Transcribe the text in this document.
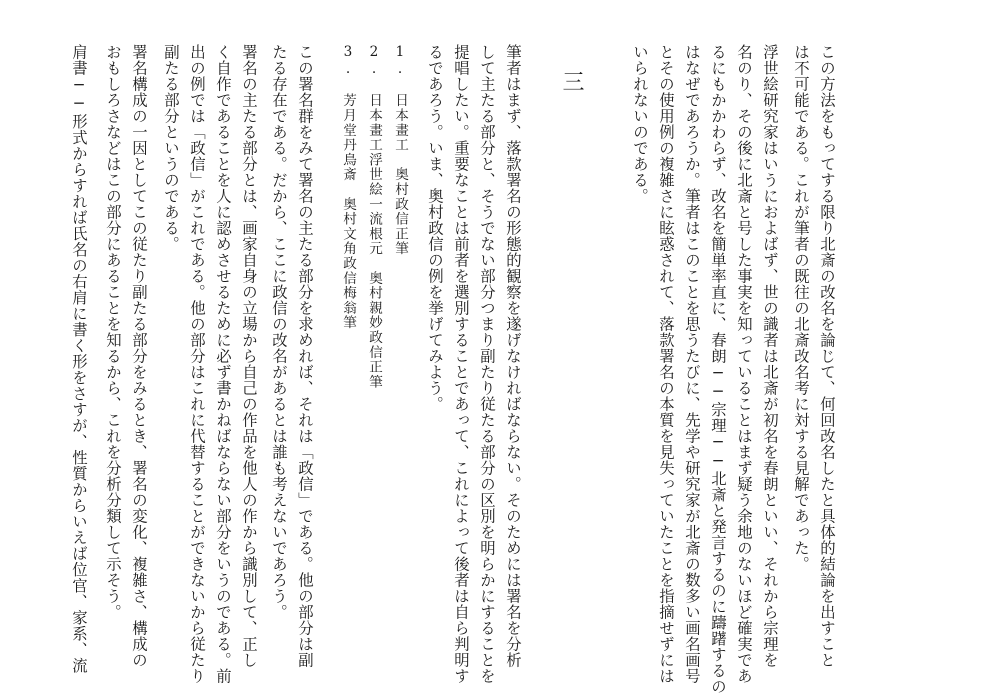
この方法をもってする限り北斎の改名を論じて、何回改名したと具体的結論を出すこと
は不可能である。これが筆者の既往の北斎改名考に対する見解であった。
浮世絵研究家はいうにおよばず、世の識者は北斎が初名を春朗といい、それから宗理を
名のり、その後に北斎と号した事実を知っていることはまず疑う余地のないほど確実であ
るにもかかわらず、改名を簡単率直に、春朗──宗理──北斎と発言するのに躊躇するの
はなぜであろうか。筆者はこのことを思うたびに、先学や研究家が北斎の数多い画名画号
とその使用例の複雑さに眩惑されて、落款署名の本質を見失っていたことを指摘せずには
いられないのである。
三
筆者はまず、落款署名の形態的観察を遂げなければならない。そのためには署名を分析
して主たる部分と、そうでない部分つまり副たり従たる部分の区別を明らかにすることを
提唱したい。重要なことは前者を選別することであって、これによって後者は自ら判明す
るであろう。いま、奥村政信の例を挙げてみよう。
1.　日本畫工　奥村政信正筆
2.　日本畫工浮世絵一流根元　奥村親妙政信正筆
3.　芳月堂丹鳥斎　奥村文角政信梅翁筆
この署名群をみて署名の主たる部分を求めれば、それは「政信」である。他の部分は副
たる存在である。だから、ここに政信の改名があるとは誰も考えないであろう。
署名の主たる部分とは、画家自身の立場から自己の作品を他人の作から識別して、正し
く自作であることを人に認めさせるために必ず書かねばならない部分をいうのである。前
出の例では「政信」がこれである。他の部分はこれに代替することができないから従たり
副たる部分というのである。
署名構成の一因としてこの従たり副たる部分をみるとき、署名の変化、複雑さ、構成の
おもしろさなどはこの部分にあることを知るから、これを分析分類して示そう。
肩書──形式からすれば氏名の右肩に書く形をさすが、性質からいえば位官、家系、流
